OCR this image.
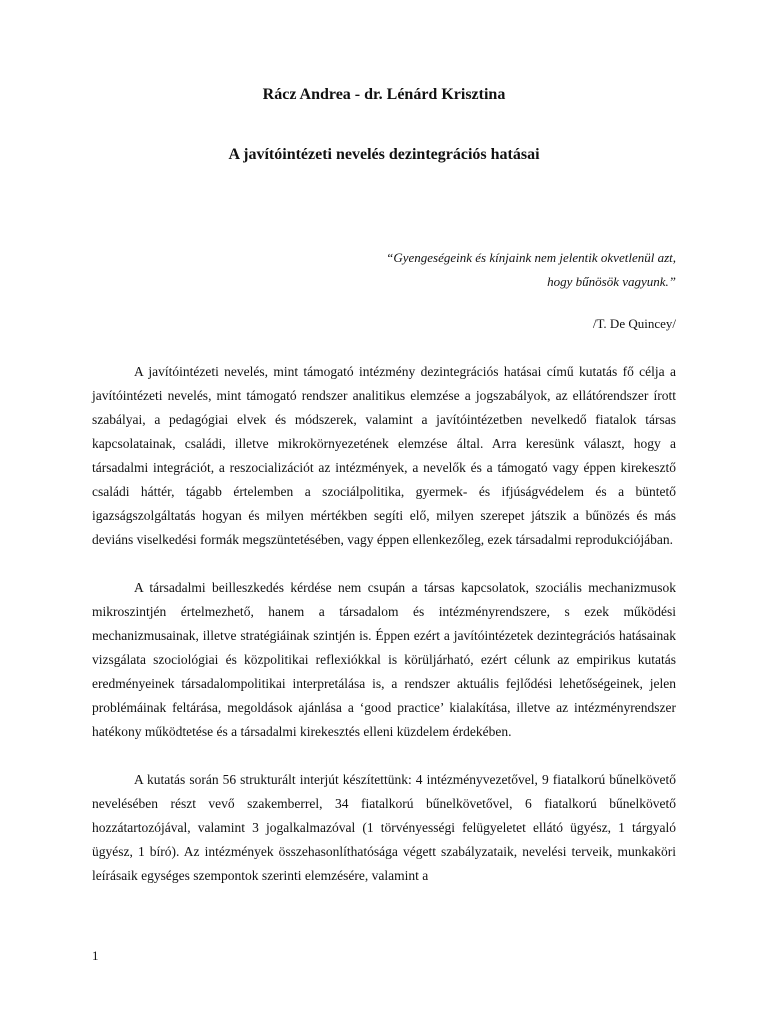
Rácz Andrea - dr. Lénárd Krisztina
A javítóintézeti nevelés dezintegrációs hatásai
“Gyengeségeink és kínjaink nem jelentik okvetlenül azt,
hogy bűnösök vagyunk.”
/T. De Quincey/

A javítóintézeti nevelés, mint támogató intézmény dezintegrációs hatásai című kutatás fő célja a javítóintézeti nevelés, mint támogató rendszer analitikus elemzése a jogszabályok, az ellátórendszer írott szabályai, a pedagógiai elvek és módszerek, valamint a javítóintézetben nevelkedő fiatalok társas kapcsolatainak, családi, illetve mikrokörnyezetének elemzése által. Arra keresünk választ, hogy a társadalmi integrációt, a reszocializációt az intézmények, a nevelők és a támogató vagy éppen kirekesztő családi háttér, tágabb értelemben a szociálpolitika, gyermek- és ifjúságvédelem és a büntető igazságszolgáltatás hogyan és milyen mértékben segíti elő, milyen szerepet játszik a bűnözés és más deviáns viselkedési formák megszüntetésében, vagy éppen ellenkezőleg, ezek társadalmi reprodukciójában.

A társadalmi beilleszkedés kérdése nem csupán a társas kapcsolatok, szociális mechanizmusok mikroszintjén értelmezhető, hanem a társadalom és intézményrendszere, s ezek működési mechanizmusainak, illetve stratégiáinak szintjén is. Éppen ezért a javítóintézetek dezintegrációs hatásainak vizsgálata szociológiai és közpolitikai reflexiókkal is körüljárható, ezért célunk az empirikus kutatás eredményeinek társadalompolitikai interpretálása is, a rendszer aktuális fejlődési lehetőségeinek, jelen problémáinak feltárása, megoldások ajánlása a ‘good practice’ kialakítása, illetve az intézményrendszer hatékony működtetése és a társadalmi kirekesztés elleni küzdelem érdekében.

A kutatás során 56 strukturált interjút készítettünk: 4 intézményvezetővel, 9 fiatalkorú bűnelkövető nevelésében részt vevő szakemberrel, 34 fiatalkorú bűnelkövetővel, 6 fiatalkorú bűnelkövető hozzátartozójával, valamint 3 jogalkalmazóval (1 törvényességi felügyeletet ellátó ügyész, 1 tárgyaló ügyész, 1 bíró). Az intézmények összehasonlíthatósága végett szabályzataik, nevelési terveik, munkaköri leírásaik egységes szempontok szerinti elemzésére, valamint a

1
